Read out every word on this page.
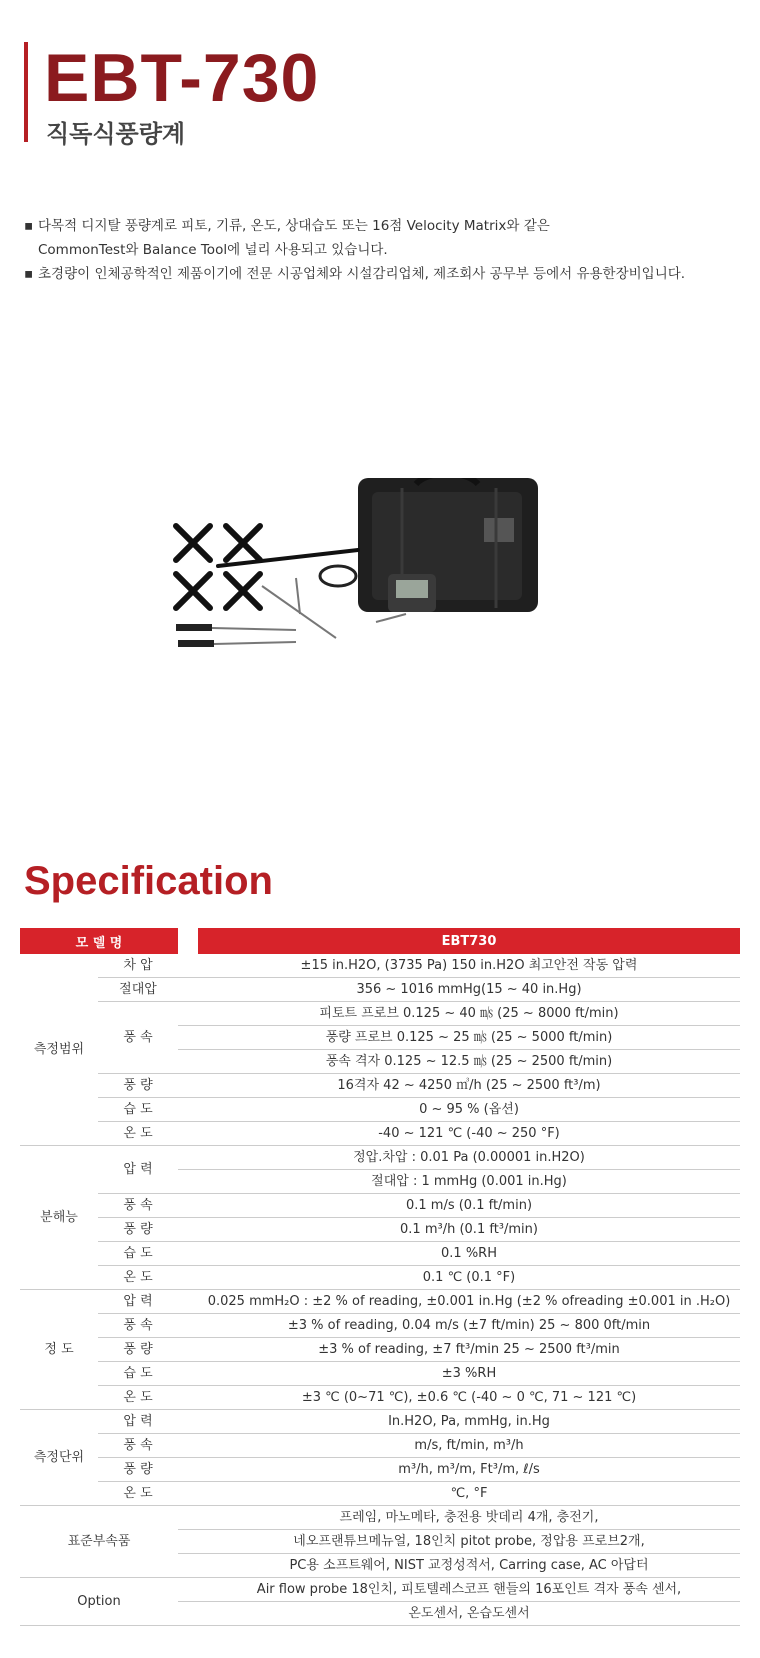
EBT-730

직독식풍량계

▪ 다목적 디지탈 풍량계로 피토, 기류, 온도, 상대습도 또는 16점 Velocity Matrix와 같은
CommonTest와 Balance Tool에 널리 사용되고 있습니다.
▪ 초경량이 인체공학적인 제품이기에 전문 시공업체와 시설감리업체, 제조회사 공무부 등에서 유용한장비입니다.
Specification
모 델 명			EBT730
측정범위	차 압		±15 in.H2O, (3735 Pa) 150 in.H2O 최고안전 작동 압력
	절대압		356 ~ 1016 mmHg(15 ~ 40 in.Hg)
	풍 속		피토트 프로브 0.125 ~ 40 ㎧ (25 ~ 8000 ft/min)
			풍량 프로브 0.125 ~ 25 ㎧ (25 ~ 5000 ft/min)
			풍속 격자 0.125 ~ 12.5 ㎧ (25 ~ 2500 ft/min)
	풍 량		16격자 42 ~ 4250 ㎥/h (25 ~ 2500 ft³/m)
	습 도		0 ~ 95 % (옵션)
	온 도		-40 ~ 121 ℃ (-40 ~ 250 °F)
분해능	압 력		정압.차압 : 0.01 Pa (0.00001 in.H2O)
			절대압 : 1 mmHg (0.001 in.Hg)
	풍 속		0.1 m/s (0.1 ft/min)
	풍 량		0.1 m³/h (0.1 ft³/min)
	습 도		0.1 %RH
	온 도		0.1 ℃ (0.1 °F)
정 도	압 력		0.025 mmH₂O : ±2 % of reading, ±0.001 in.Hg (±2 % ofreading ±0.001 in .H₂O)
	풍 속		±3 % of reading, 0.04 m/s (±7 ft/min) 25 ~ 800 0ft/min
	풍 량		±3 % of reading, ±7 ft³/min 25 ~ 2500 ft³/min
	습 도		±3 %RH
	온 도		±3 ℃ (0~71 ℃), ±0.6 ℃ (-40 ~ 0 ℃, 71 ~ 121 ℃)
측정단위	압 력		In.H2O, Pa, mmHg, in.Hg
	풍 속		m/s, ft/min, m³/h
	풍 량		m³/h, m³/m, Ft³/m, ℓ/s
	온 도		℃, °F
표준부속품			프레임, 마노메타, 충전용 밧데리 4개, 충전기,
			네오프랜튜브메뉴얼, 18인치 pitot probe, 정압용 프로브2개,
			PC용 소프트웨어, NIST 교정성적서, Carring case, AC 아답터
Option			Air flow probe 18인치, 피토텔레스코프 핸들의 16포인트 격자 풍속 센서,
			온도센서, 온습도센서
